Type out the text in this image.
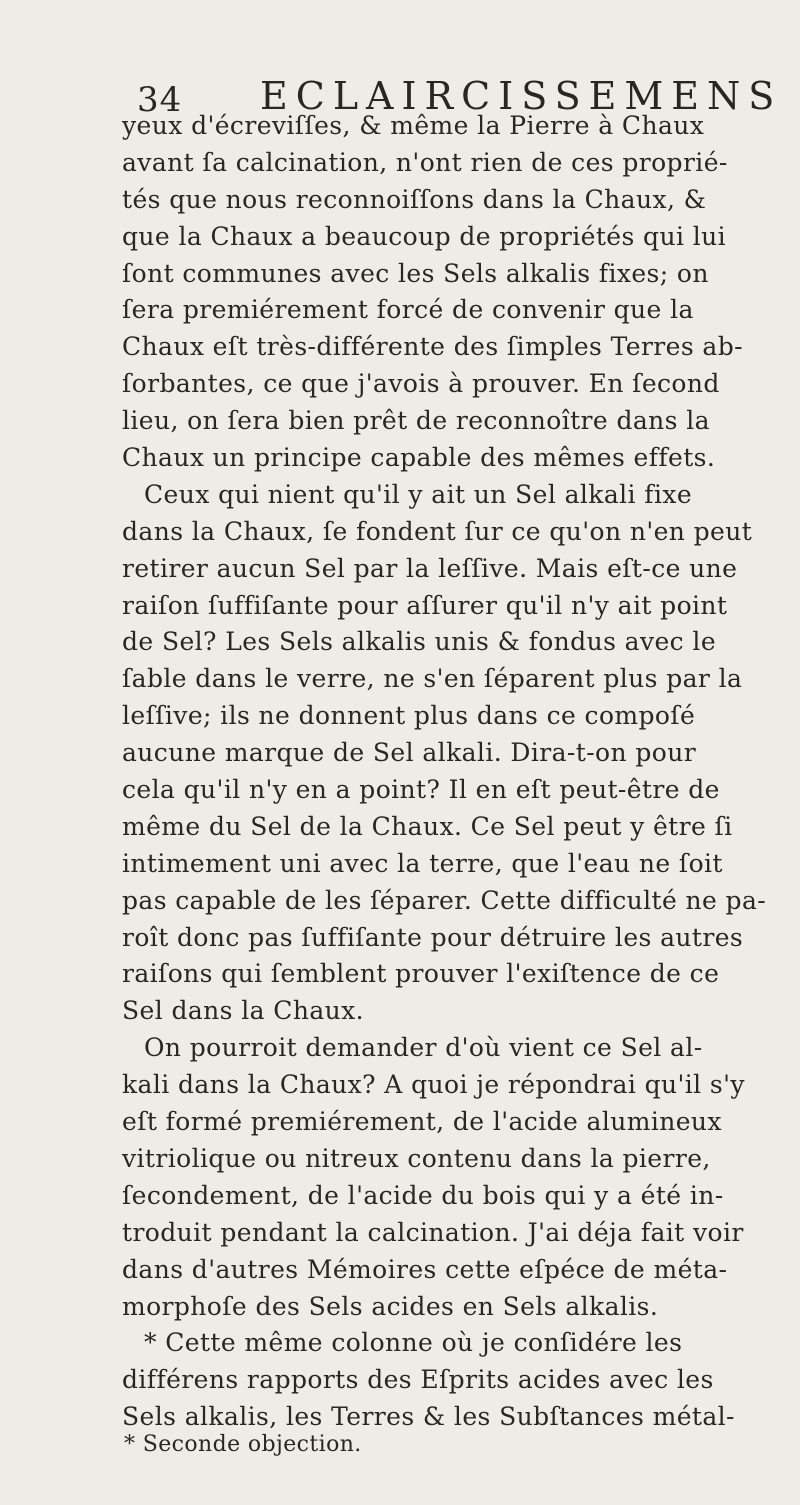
34 ECLAIRCISSEMENS
yeux d'écreviſſes, & même la Pierre à Chaux
avant ſa calcination, n'ont rien de ces proprié-
tés que nous reconnoiſſons dans la Chaux, &
que la Chaux a beaucoup de propriétés qui lui
ſont communes avec les Sels alkalis fixes; on
ſera premiérement forcé de convenir que la
Chaux eſt très-différente des ſimples Terres ab-
ſorbantes, ce que j'avois à prouver. En ſecond
lieu, on ſera bien prêt de reconnoître dans la
Chaux un principe capable des mêmes effets.
Ceux qui nient qu'il y ait un Sel alkali fixe
dans la Chaux, ſe fondent ſur ce qu'on n'en peut
retirer aucun Sel par la leſſive. Mais eſt-ce une
raiſon ſuffiſante pour aſſurer qu'il n'y ait point
de Sel? Les Sels alkalis unis & fondus avec le
ſable dans le verre, ne s'en ſéparent plus par la
leſſive; ils ne donnent plus dans ce compoſé
aucune marque de Sel alkali. Dira-t-on pour
cela qu'il n'y en a point? Il en eſt peut-être de
même du Sel de la Chaux. Ce Sel peut y être ſi
intimement uni avec la terre, que l'eau ne ſoit
pas capable de les ſéparer. Cette difficulté ne pa-
roît donc pas ſuffiſante pour détruire les autres
raiſons qui ſemblent prouver l'exiſtence de ce
Sel dans la Chaux.
On pourroit demander d'où vient ce Sel al-
kali dans la Chaux? A quoi je répondrai qu'il s'y
eſt formé premiérement, de l'acide alumineux
vitriolique ou nitreux contenu dans la pierre,
ſecondement, de l'acide du bois qui y a été in-
troduit pendant la calcination. J'ai déja fait voir
dans d'autres Mémoires cette eſpéce de méta-
morphoſe des Sels acides en Sels alkalis.
* Cette même colonne où je conſidére les
différens rapports des Eſprits acides avec les
Sels alkalis, les Terres & les Subſtances métal-
* Seconde objection.
